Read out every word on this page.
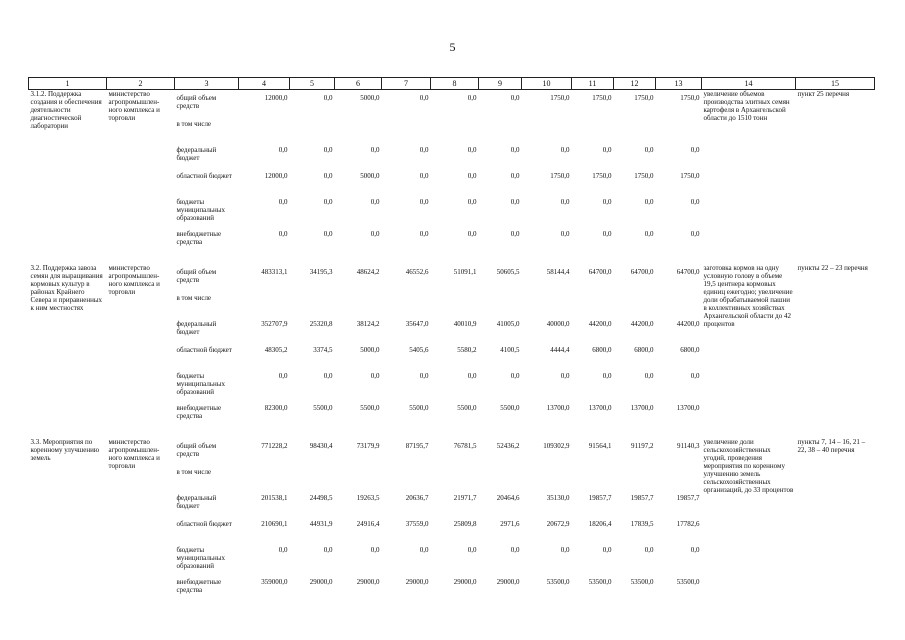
5
1	2	3	4	5	6	7	8	9	10	11	12	13	14	15
3.1.2. Поддержка создания и обеспечения деятельности диагностической лаборатории	министерство агропромышлен-ного комплекса и торговли	общий объем средств	12000,0	0,0	5000,0	0,0	0,0	0,0	1750,0	1750,0	1750,0	1750,0	увеличение объемов производства элитных семян картофеля в Архангельской области до 1510 тонн	пункт 25 перечня
		в том числе												
		федеральный бюджет	0,0	0,0	0,0	0,0	0,0	0,0	0,0	0,0	0,0	0,0		
		областной бюджет	12000,0	0,0	5000,0	0,0	0,0	0,0	1750,0	1750,0	1750,0	1750,0		
		бюджеты муниципальных образований	0,0	0,0	0,0	0,0	0,0	0,0	0,0	0,0	0,0	0,0		
		внебюджетные средства	0,0	0,0	0,0	0,0	0,0	0,0	0,0	0,0	0,0	0,0		

3.2. Поддержка завоза семян для выращивания кормовых культур в районах Крайнего Севера и приравненных к ним местностях	министерство агропромышлен-ного комплекса и торговли	общий объем средств	483313,1	34195,3	48624,2	46552,6	51091,1	50605,5	58144,4	64700,0	64700,0	64700,0	заготовка кормов на одну условную голову в объеме 19,5 центнера кормовых единиц ежегодно; увеличение доли обрабатываемой пашни в коллективных хозяйствах Архангельской области до 42 процентов	пункты 22 – 23 перечня
		в том числе												
		федеральный бюджет	352707,9	25320,8	38124,2	35647,0	40010,9	41005,0	40000,0	44200,0	44200,0	44200,0		
		областной бюджет	48305,2	3374,5	5000,0	5405,6	5580,2	4100,5	4444,4	6800,0	6800,0	6800,0		
		бюджеты муниципальных образований	0,0	0,0	0,0	0,0	0,0	0,0	0,0	0,0	0,0	0,0		
		внебюджетные средства	82300,0	5500,0	5500,0	5500,0	5500,0	5500,0	13700,0	13700,0	13700,0	13700,0		

3.3. Мероприятия по коренному улучшению земель	министерство агропромышлен-ного комплекса и торговли	общий объем средств	771228,2	98430,4	73179,9	87195,7	76781,5	52436,2	109302,9	91564,1	91197,2	91140,3	увеличение доли сельскохозяйственных угодий, проведения мероприятия по коренному улучшению земель сельскохозяйственных организаций, до 33 процентов	пункты 7, 14 – 16, 21 – 22, 38 – 40 перечня
		в том числе												
		федеральный бюджет	201538,1	24498,5	19263,5	20636,7	21971,7	20464,6	35130,0	19857,7	19857,7	19857,7		
		областной бюджет	210690,1	44931,9	24916,4	37559,0	25809,8	2971,6	20672,9	18206,4	17839,5	17782,6		
		бюджеты муниципальных образований	0,0	0,0	0,0	0,0	0,0	0,0	0,0	0,0	0,0	0,0		
		внебюджетные средства	359000,0	29000,0	29000,0	29000,0	29000,0	29000,0	53500,0	53500,0	53500,0	53500,0		
